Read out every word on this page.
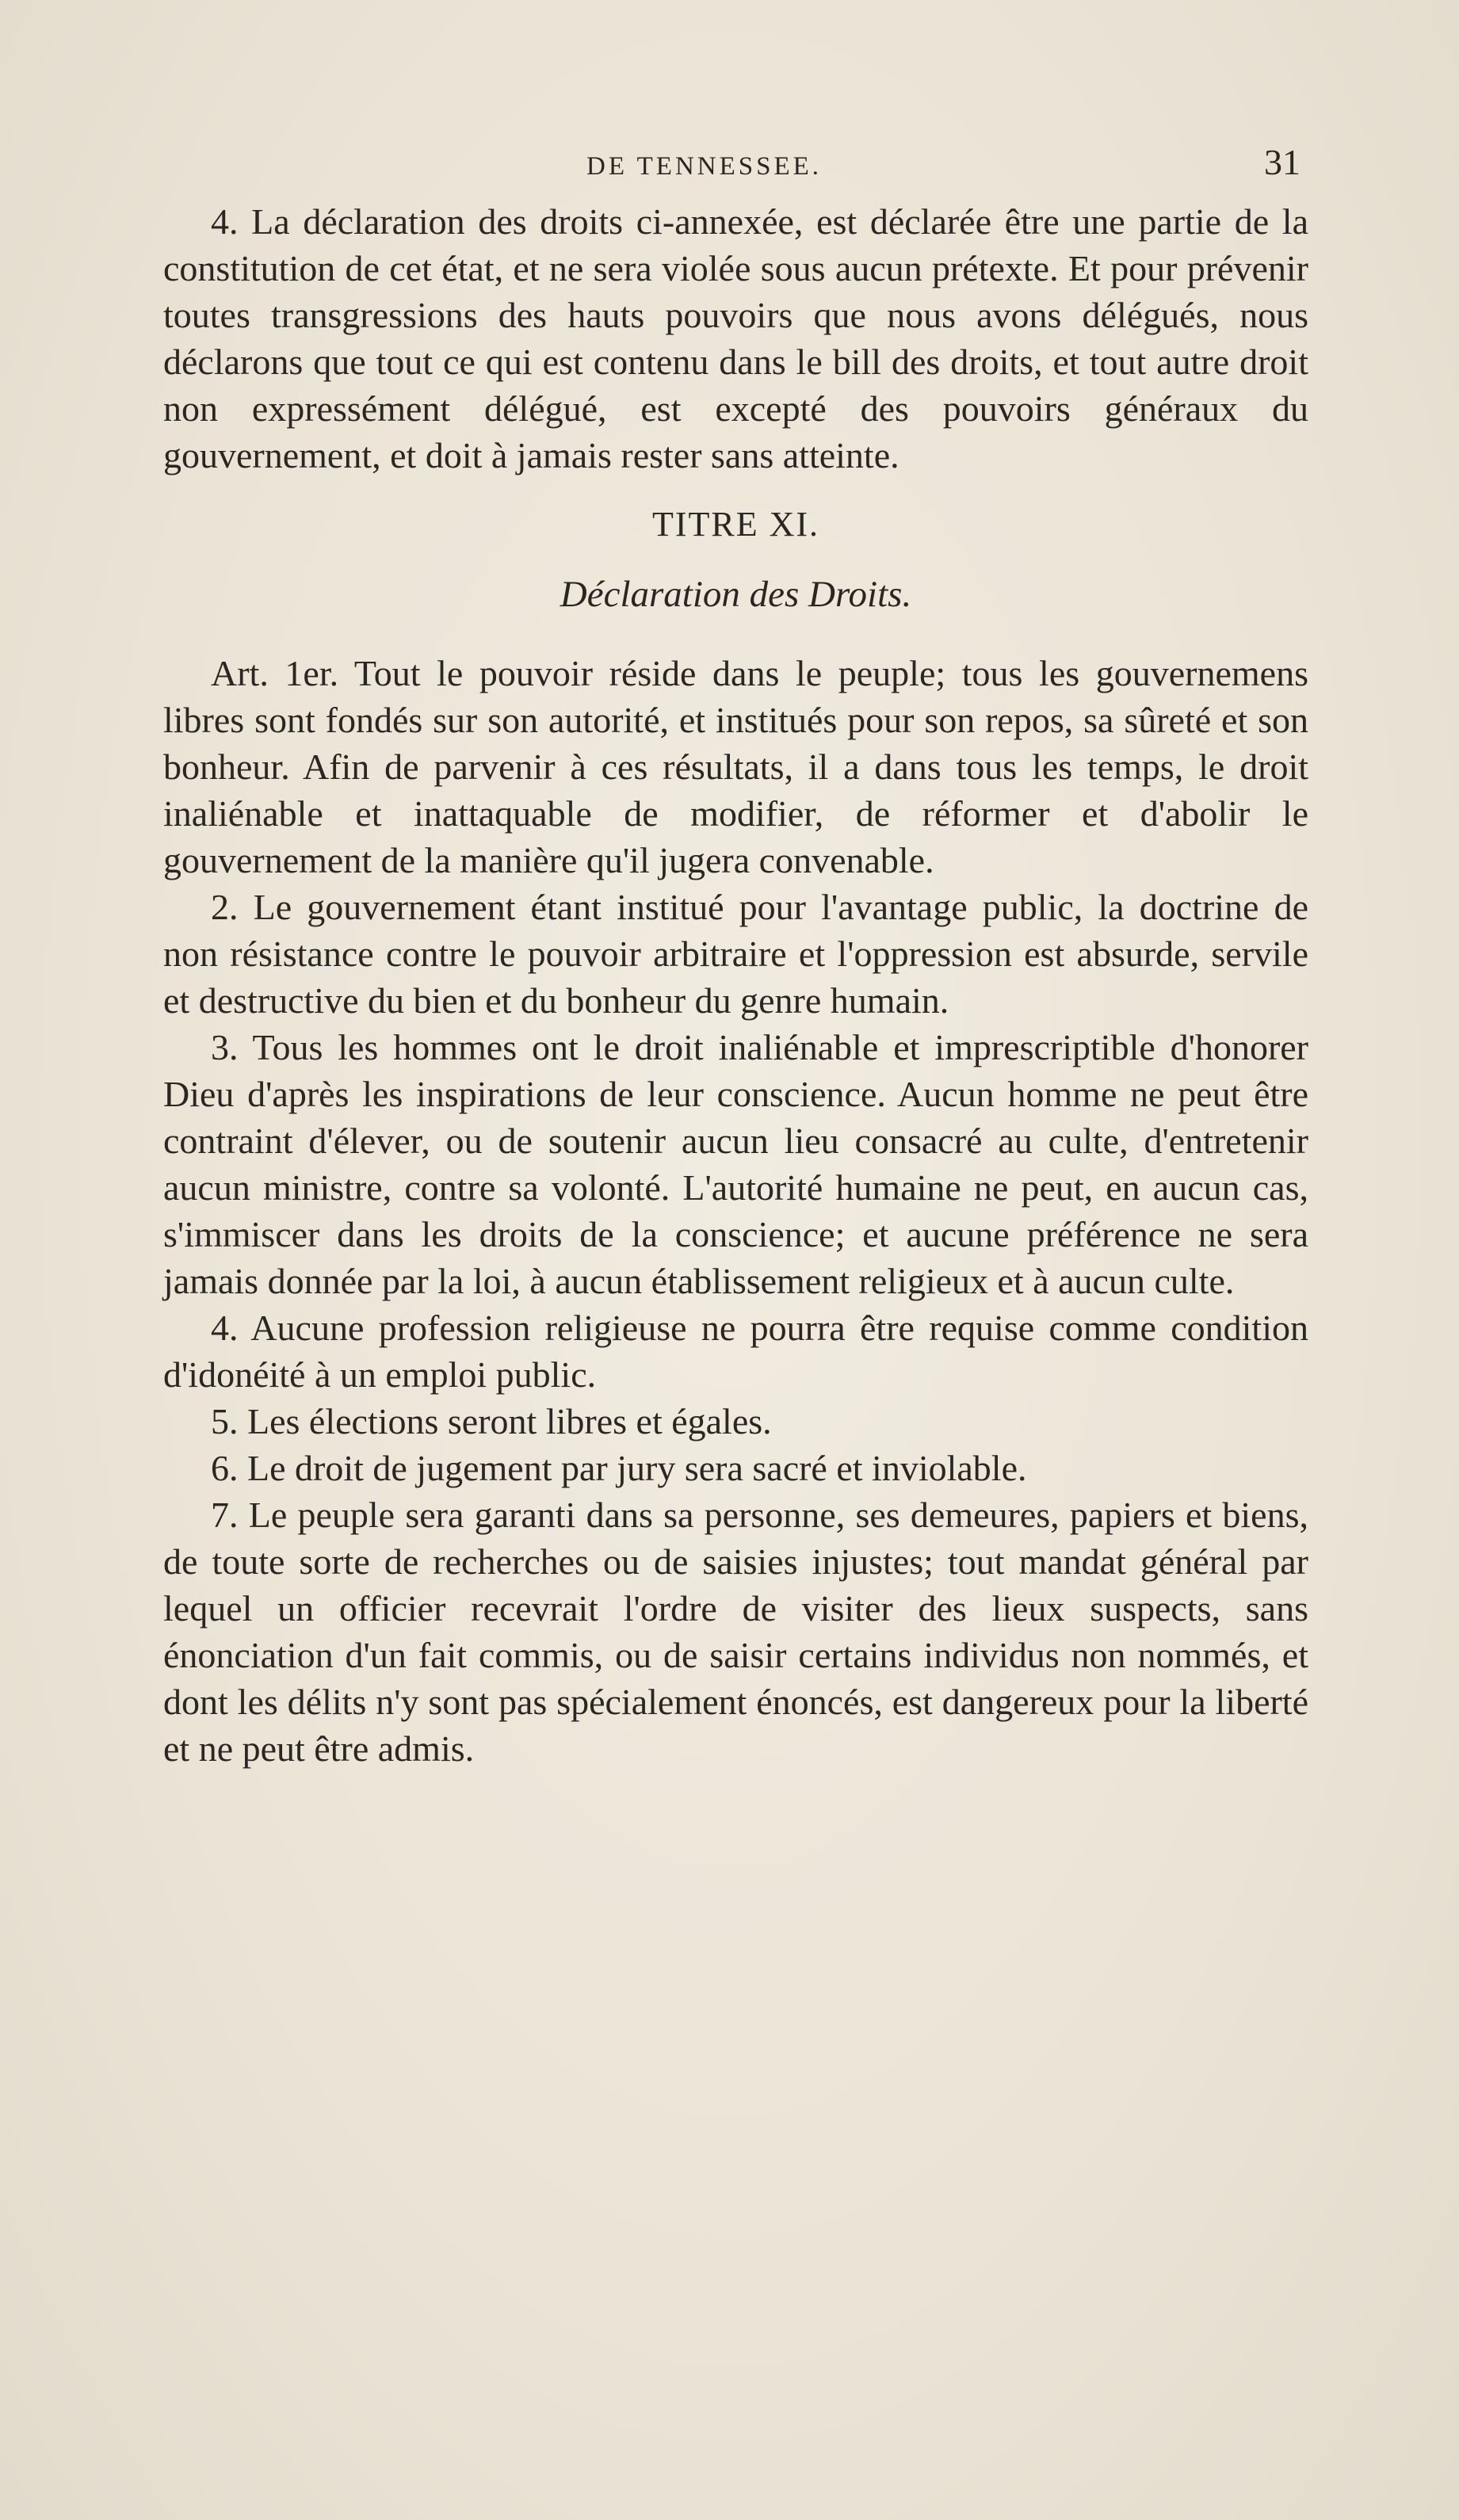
DE TENNESSEE.	31

4. La déclaration des droits ci-annexée, est déclarée être une partie de la constitution de cet état, et ne sera violée sous aucun prétexte. Et pour prévenir toutes transgressions des hauts pouvoirs que nous avons délégués, nous déclarons que tout ce qui est contenu dans le bill des droits, et tout autre droit non expressément délégué, est excepté des pouvoirs généraux du gouvernement, et doit à jamais rester sans atteinte.

TITRE XI.
Déclaration des Droits.

Art. 1er. Tout le pouvoir réside dans le peuple; tous les gouvernemens libres sont fondés sur son autorité, et institués pour son repos, sa sûreté et son bonheur. Afin de parvenir à ces résultats, il a dans tous les temps, le droit inaliénable et inattaquable de modifier, de réformer et d'abolir le gouvernement de la manière qu'il jugera convenable.

2. Le gouvernement étant institué pour l'avantage public, la doctrine de non résistance contre le pouvoir arbitraire et l'oppression est absurde, servile et destructive du bien et du bonheur du genre humain.

3. Tous les hommes ont le droit inaliénable et imprescriptible d'honorer Dieu d'après les inspirations de leur conscience. Aucun homme ne peut être contraint d'élever, ou de soutenir aucun lieu consacré au culte, d'entretenir aucun ministre, contre sa volonté. L'autorité humaine ne peut, en aucun cas, s'immiscer dans les droits de la conscience; et aucune préférence ne sera jamais donnée par la loi, à aucun établissement religieux et à aucun culte.

4. Aucune profession religieuse ne pourra être requise comme condition d'idonéité à un emploi public.

5. Les élections seront libres et égales.

6. Le droit de jugement par jury sera sacré et inviolable.

7. Le peuple sera garanti dans sa personne, ses demeures, papiers et biens, de toute sorte de recherches ou de saisies injustes; tout mandat général par lequel un officier recevrait l'ordre de visiter des lieux suspects, sans énonciation d'un fait commis, ou de saisir certains individus non nommés, et dont les délits n'y sont pas spécialement énoncés, est dangereux pour la liberté et ne peut être admis.
